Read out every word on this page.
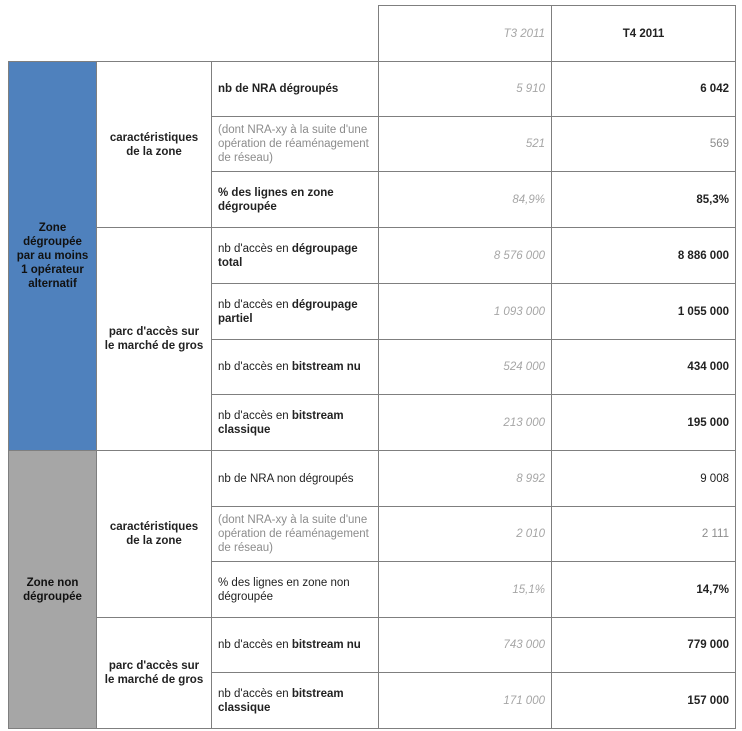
			T3 2011	T4 2011
Zone dégroupée par au moins 1 opérateur alternatif	caractéristiques de la zone	nb de NRA dégroupés	5 910	6 042
		(dont NRA-xy à la suite d'une opération de réaménagement de réseau)	521	569
		% des lignes en zone dégroupée	84,9%	85,3%
	parc d'accès sur le marché de gros	nb d'accès en dégroupage total	8 576 000	8 886 000
		nb d'accès en dégroupage partiel	1 093 000	1 055 000
		nb d'accès en bitstream nu	524 000	434 000
		nb d'accès en bitstream classique	213 000	195 000
Zone non dégroupée	caractéristiques de la zone	nb de NRA non dégroupés	8 992	9 008
		(dont NRA-xy à la suite d'une opération de réaménagement de réseau)	2 010	2 111
		% des lignes en zone non dégroupée	15,1%	14,7%
	parc d'accès sur le marché de gros	nb d'accès en bitstream nu	743 000	779 000
		nb d'accès en bitstream classique	171 000	157 000
